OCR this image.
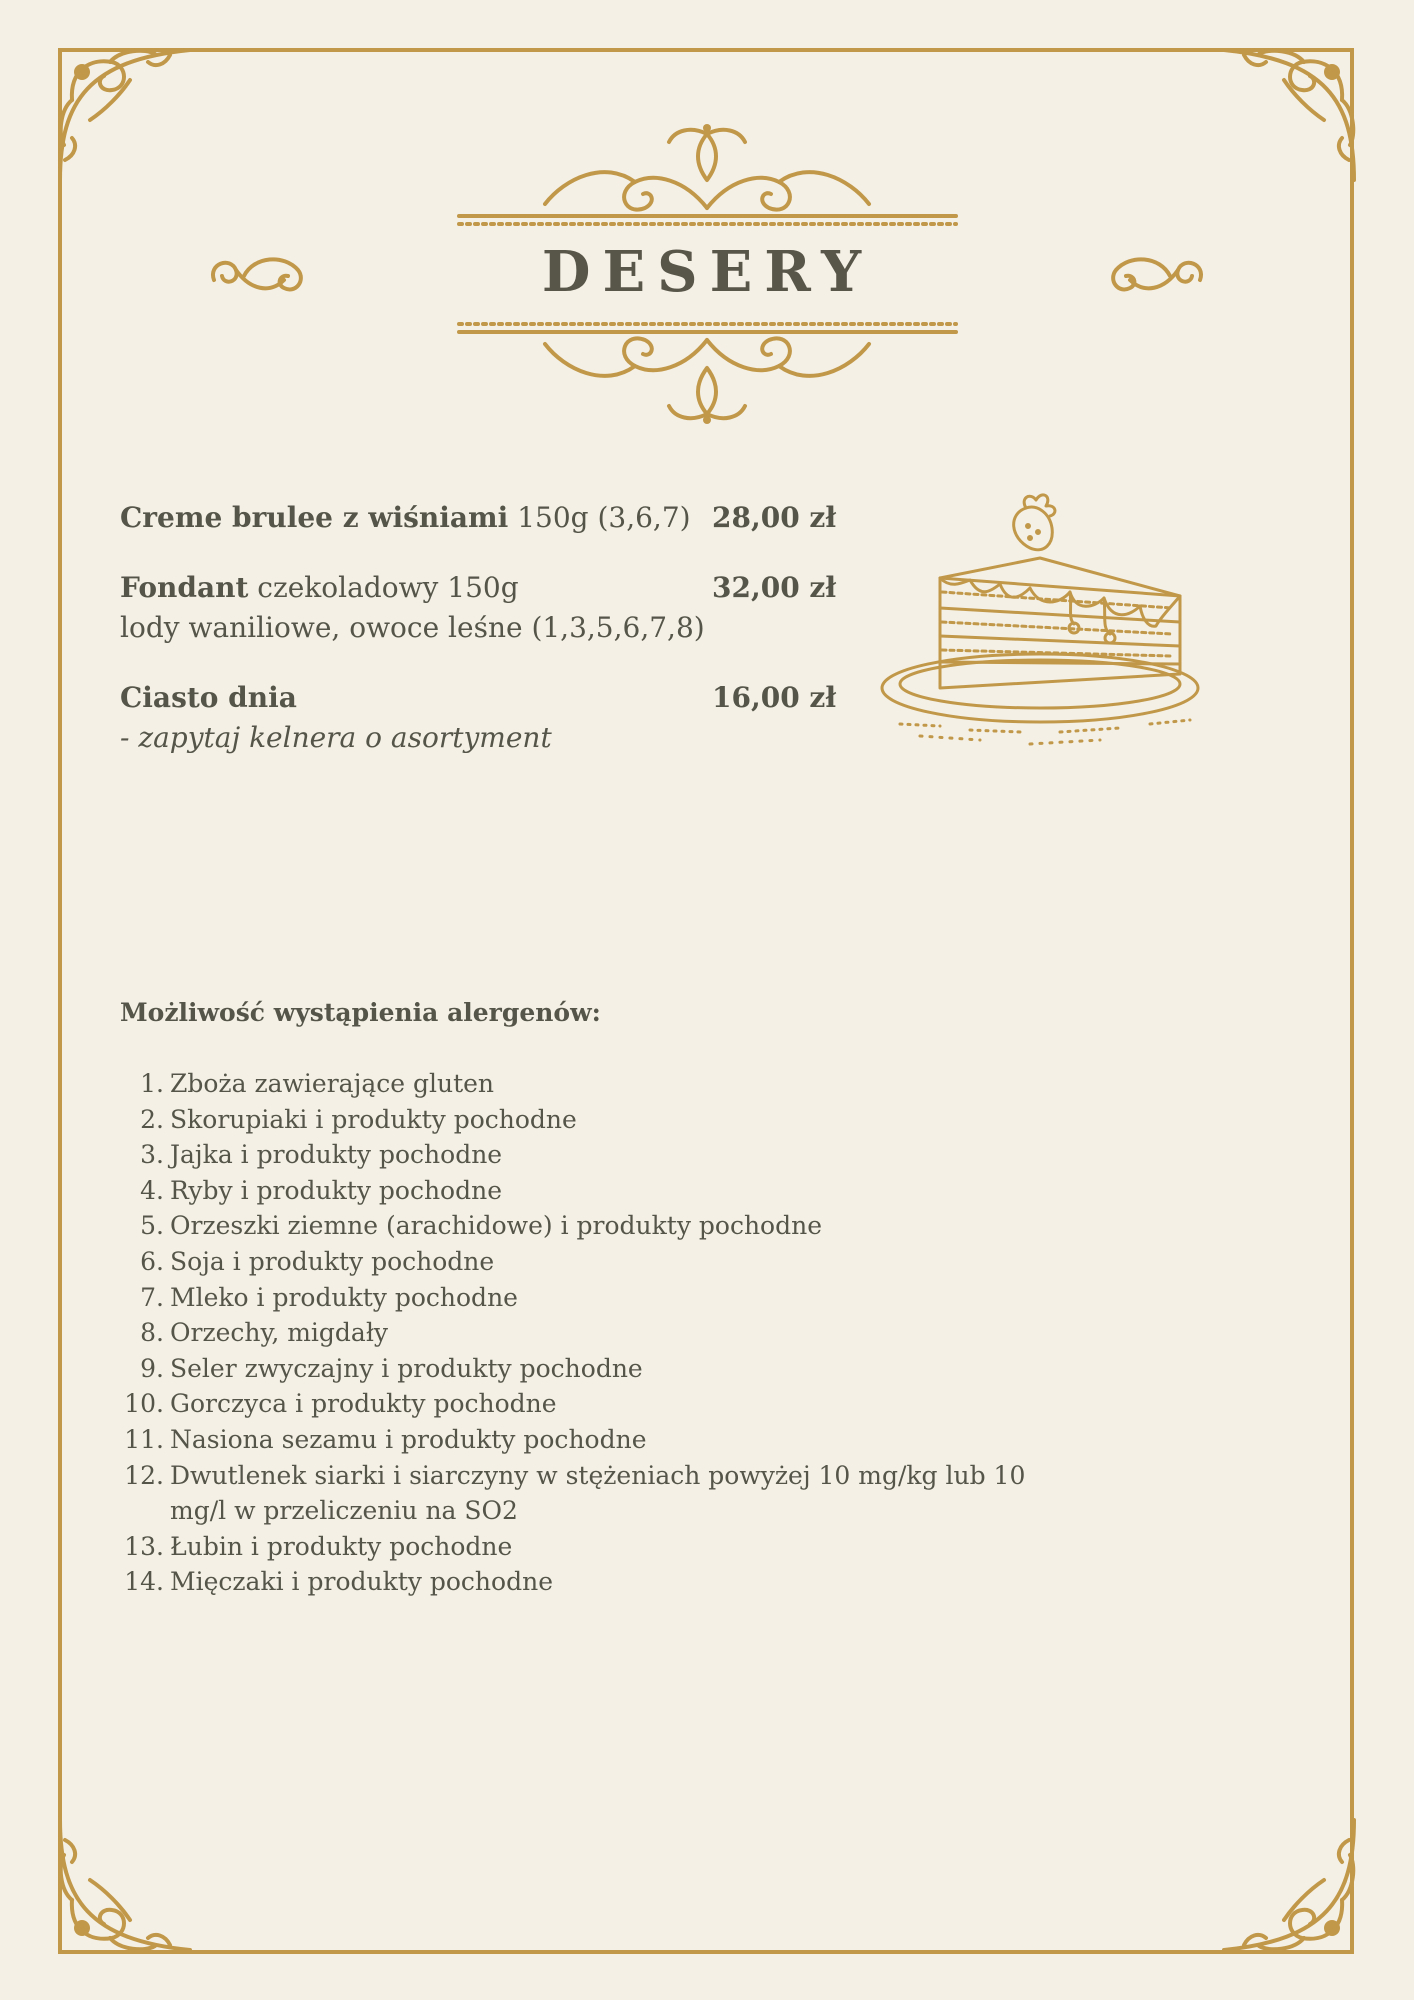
DESERY
Creme brulee z wiśniami 150g (3,6,7) 28,00 zł
Fondant czekoladowy 150g
lody waniliowe, owoce leśne (1,3,5,6,7,8)
32,00 zł
Ciasto dnia
- zapytaj kelnera o asortyment
16,00 zł
Możliwość wystąpienia alergenów:
1. Zboża zawierające gluten
2. Skorupiaki i produkty pochodne
3. Jajka i produkty pochodne
4. Ryby i produkty pochodne
5. Orzeszki ziemne (arachidowe) i produkty pochodne
6. Soja i produkty pochodne
7. Mleko i produkty pochodne
8. Orzechy, migdały
9. Seler zwyczajny i produkty pochodne
10. Gorczyca i produkty pochodne
11. Nasiona sezamu i produkty pochodne
12. Dwutlenek siarki i siarczyny w stężeniach powyżej 10 mg/kg lub 10 mg/l w przeliczeniu na SO2
13. Łubin i produkty pochodne
14. Mięczaki i produkty pochodne
